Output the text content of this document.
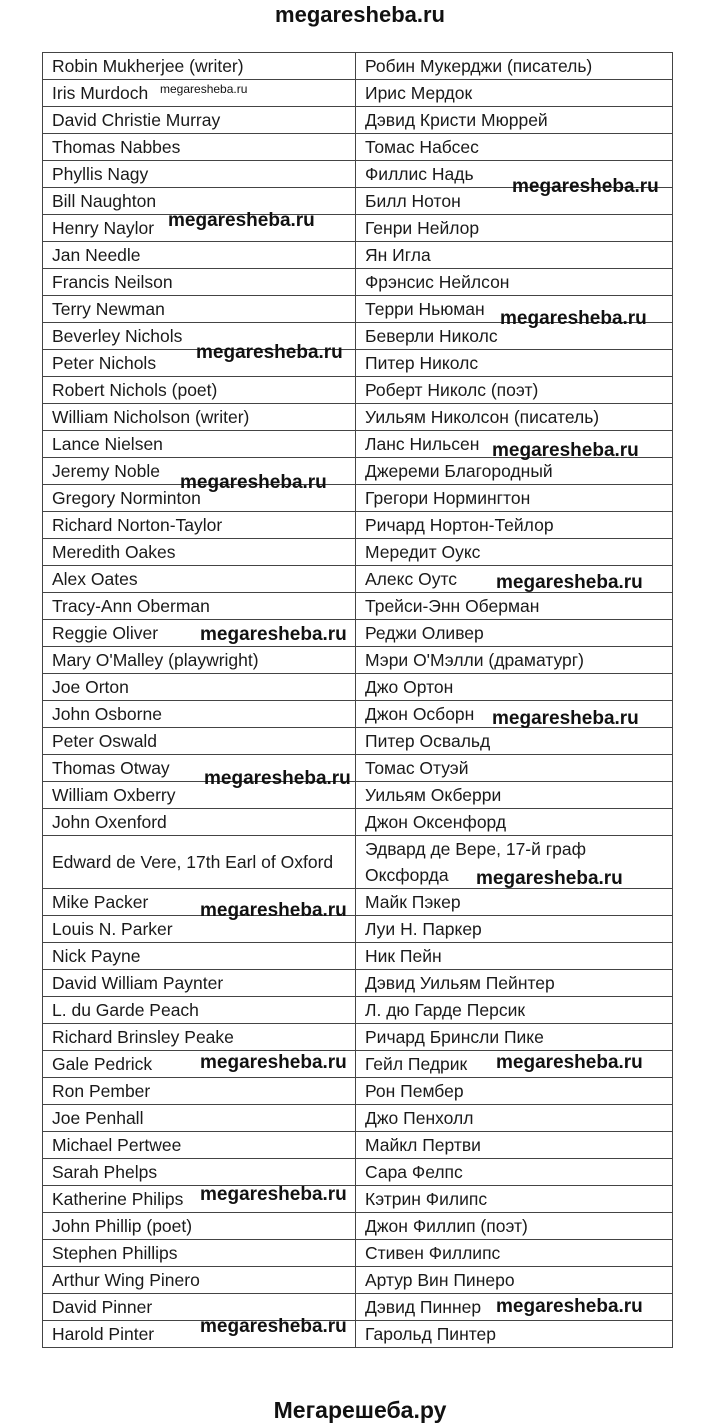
megaresheba.ru
Robin Mukherjee (writer)	Робин Мукерджи (писатель)
Iris Murdoch	Ирис Мердок
David Christie Murray	Дэвид Кристи Мюррей
Thomas Nabbes	Томас Набсес
Phyllis Nagy	Филлис Надь
Bill Naughton	Билл Нотон
Henry Naylor	Генри Нейлор
Jan Needle	Ян Игла
Francis Neilson	Фрэнсис Нейлсон
Terry Newman	Терри Ньюман
Beverley Nichols	Беверли Николс
Peter Nichols	Питер Николс
Robert Nichols (poet)	Роберт Николс (поэт)
William Nicholson (writer)	Уильям Николсон (писатель)
Lance Nielsen	Ланс Нильсен
Jeremy Noble	Джереми Благородный
Gregory Norminton	Грегори Нормингтон
Richard Norton-Taylor	Ричард Нортон-Тейлор
Meredith Oakes	Мередит Оукс
Alex Oates	Алекс Оутс
Tracy-Ann Oberman	Трейси-Энн Оберман
Reggie Oliver	Реджи Оливер
Mary O'Malley (playwright)	Мэри О'Мэлли (драматург)
Joe Orton	Джо Ортон
John Osborne	Джон Осборн
Peter Oswald	Питер Освальд
Thomas Otway	Томас Отуэй
William Oxberry	Уильям Окберри
John Oxenford	Джон Оксенфорд
Edward de Vere, 17th Earl of Oxford	Эдвард де Вере, 17-й граф Оксфорда
Mike Packer	Майк Пэкер
Louis N. Parker	Луи Н. Паркер
Nick Payne	Ник Пейн
David William Paynter	Дэвид Уильям Пейнтер
L. du Garde Peach	Л. дю Гарде Персик
Richard Brinsley Peake	Ричард Бринсли Пике
Gale Pedrick	Гейл Педрик
Ron Pember	Рон Пембер
Joe Penhall	Джо Пенхолл
Michael Pertwee	Майкл Пертви
Sarah Phelps	Сара Фелпс
Katherine Philips	Кэтрин Филипс
John Phillip (poet)	Джон Филлип (поэт)
Stephen Phillips	Стивен Филлипс
Arthur Wing Pinero	Артур Вин Пинеро
David Pinner	Дэвид Пиннер
Harold Pinter	Гарольд Пинтер
megaresheba.ru
megaresheba.ru
megaresheba.ru
megaresheba.ru
megaresheba.ru
megaresheba.ru
megaresheba.ru
megaresheba.ru
megaresheba.ru
megaresheba.ru
megaresheba.ru
megaresheba.ru
megaresheba.ru
megaresheba.ru	megaresheba.ru
megaresheba.ru
megaresheba.ru
megaresheba.ru
Мегарешеба.ру
